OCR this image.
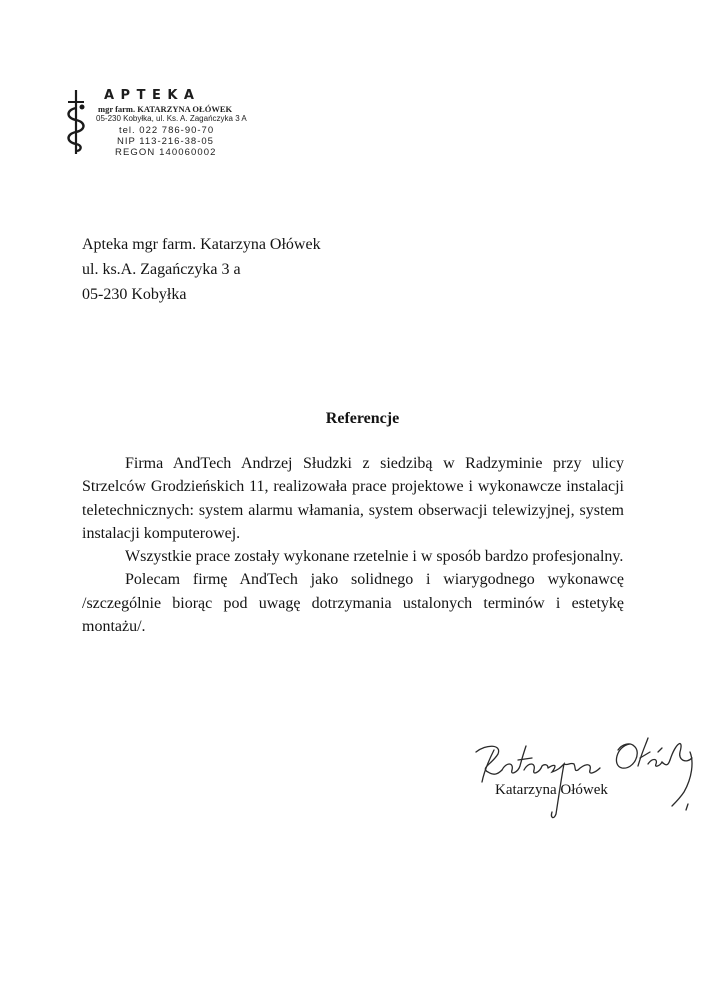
APTEKA
mgr farm. KATARZYNA OŁÓWEK
05-230 Kobyłka, ul. Ks. A. Zagańczyka 3 A
tel. 022 786-90-70
NIP 113-216-38-05
REGON 140060002
Apteka mgr farm. Katarzyna Ołówek
ul. ks.A. Zagańczyka 3 a
05-230 Kobyłka
Referencje

Firma AndTech Andrzej Słudzki z siedzibą w Radzyminie przy ulicy Strzelców Grodzieńskich 11, realizowała prace projektowe i wykonawcze instalacji teletechnicznych: system alarmu włamania, system obserwacji telewizyjnej, system instalacji komputerowej.

Wszystkie prace zostały wykonane rzetelnie i w sposób bardzo profesjonalny.

Polecam firmę AndTech jako solidnego i wiarygodnego wykonawcę /szczególnie biorąc pod uwagę dotrzymania ustalonych terminów i estetykę montażu/.

Katarzyna Ołówek
